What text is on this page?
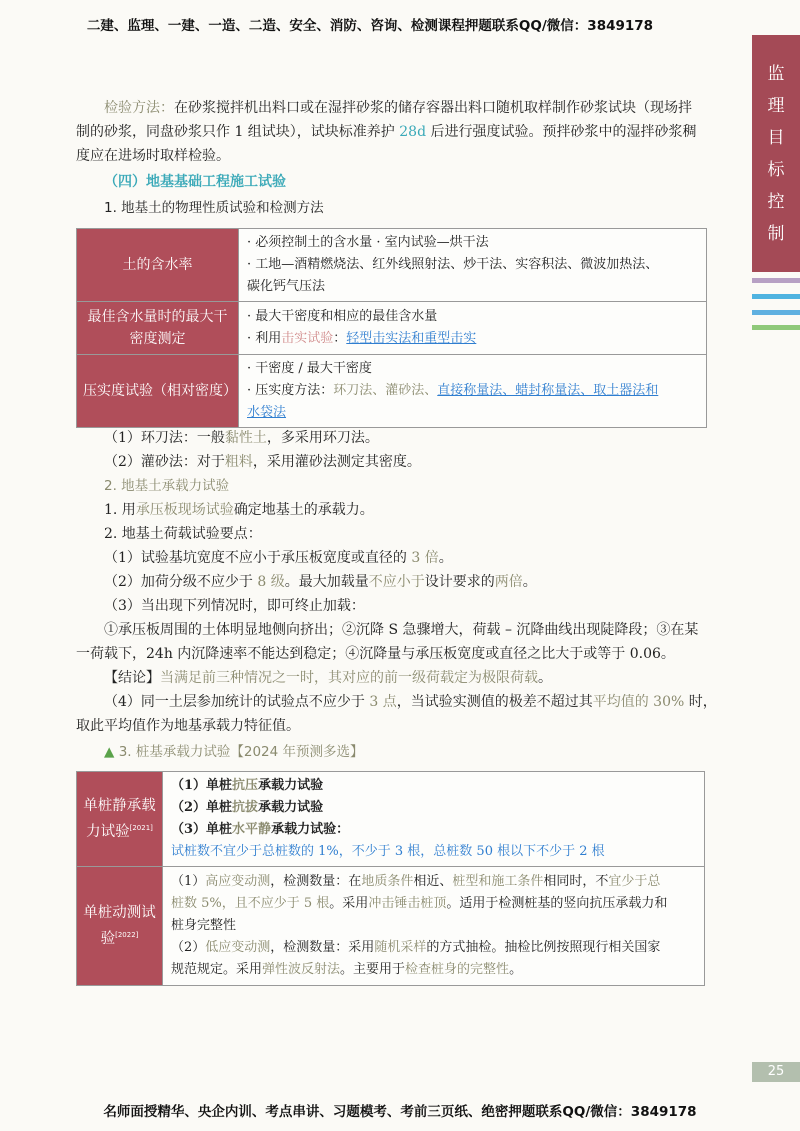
二建、监理、一建、一造、二造、安全、消防、咨询、检测课程押题联系QQ/微信：3849178
监
理
目
标
控
制
检验方法：在砂浆搅拌机出料口或在湿拌砂浆的储存容器出料口随机取样制作砂浆试块（现场拌
制的砂浆，同盘砂浆只作 1 组试块），试块标准养护 28d 后进行强度试验。预拌砂浆中的湿拌砂浆稠
度应在进场时取样检验。
（四）地基基础工程施工试验
1. 地基土的物理性质试验和检测方法
土的含水率	· 必须控制土的含水量 · 室内试验—烘干法
· 工地—酒精燃烧法、红外线照射法、炒干法、实容积法、微波加热法、
碳化钙气压法

最佳含水量时的最大干
密度测定	· 最大干密度和相应的最佳含水量
· 利用击实试验：轻型击实法和重型击实

压实度试验（相对密度）	· 干密度 / 最大干密度
· 压实度方法：环刀法、灌砂法、直接称量法、蜡封称量法、取土器法和
水袋法
（1）环刀法：一般黏性土，多采用环刀法。
（2）灌砂法：对于粗料，采用灌砂法测定其密度。
2. 地基土承载力试验
1. 用承压板现场试验确定地基土的承载力。
2. 地基土荷载试验要点：
（1）试验基坑宽度不应小于承压板宽度或直径的 3 倍。
（2）加荷分级不应少于 8 级。最大加载量不应小于设计要求的两倍。
（3）当出现下列情况时，即可终止加载：
①承压板周围的土体明显地侧向挤出；②沉降 S 急骤增大，荷载 – 沉降曲线出现陡降段；③在某
一荷载下，24h 内沉降速率不能达到稳定；④沉降量与承压板宽度或直径之比大于或等于 0.06。
【结论】当满足前三种情况之一时，其对应的前一级荷载定为极限荷载。
（4）同一土层参加统计的试验点不应少于 3 点，当试验实测值的极差不超过其平均值的 30% 时，
取此平均值作为地基承载力特征值。
▲ 3. 桩基承载力试验【2024 年预测多选】
单桩静承载
力试验[2021]	（1）单桩抗压承载力试验
（2）单桩抗拔承载力试验
（3）单桩水平静承载力试验：
试桩数不宜少于总桩数的 1%，不少于 3 根，总桩数 50 根以下不少于 2 根

单桩动测试
验[2022]	（1）高应变动测，检测数量：在地质条件相近、桩型和施工条件相同时，不宜少于总
桩数 5%，且不应少于 5 根。采用冲击锤击桩顶。适用于检测桩基的竖向抗压承载力和
桩身完整性
（2）低应变动测，检测数量：采用随机采样的方式抽检。抽检比例按照现行相关国家
规范规定。采用弹性波反射法。主要用于检查桩身的完整性。
25
名师面授精华、央企内训、考点串讲、习题模考、考前三页纸、绝密押题联系QQ/微信：3849178
